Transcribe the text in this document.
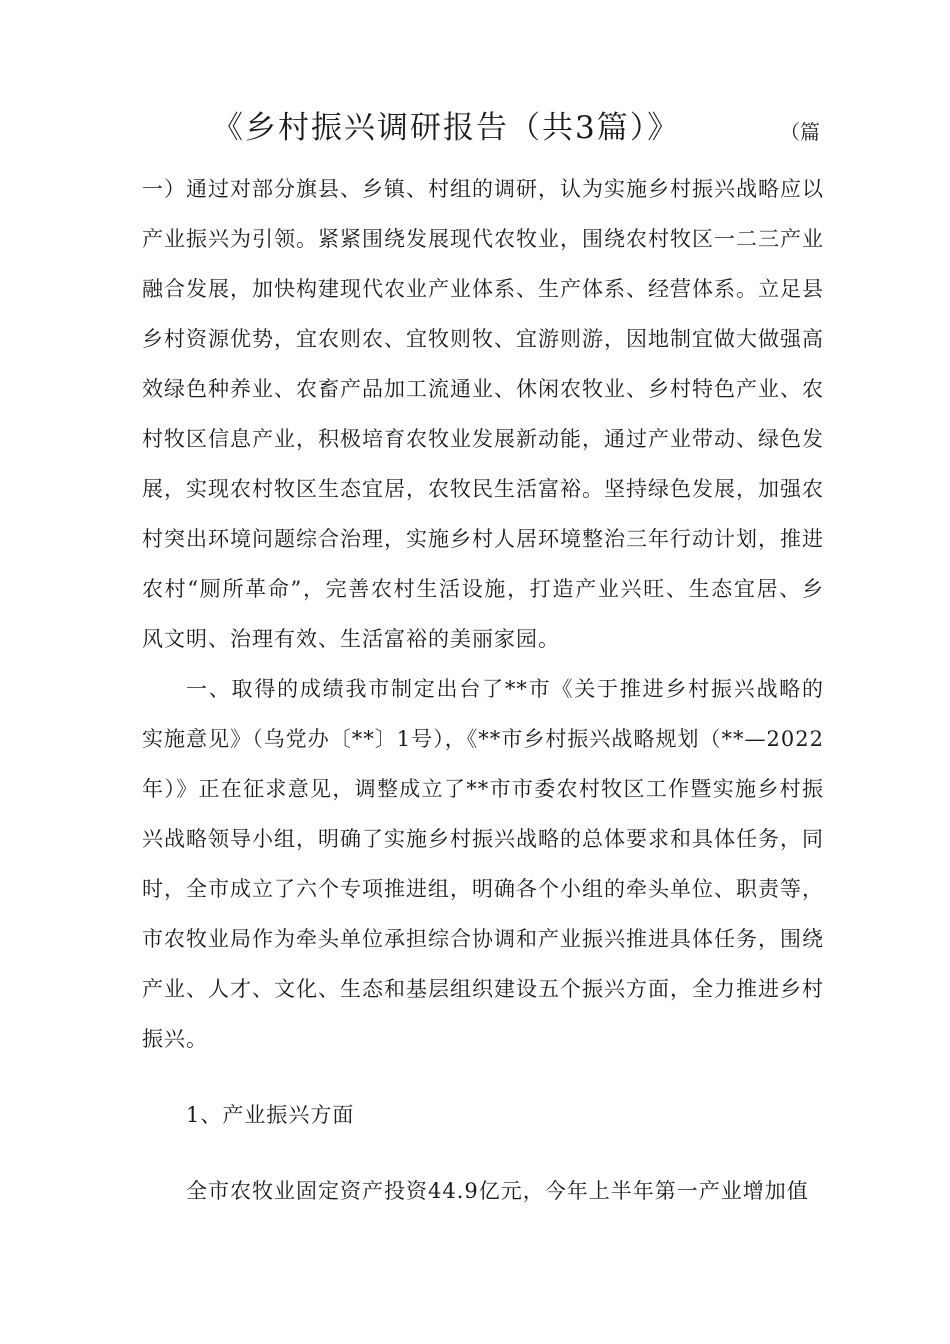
《乡村振兴调研报告（共3篇）》	（篇

一）通过对部分旗县、乡镇、村组的调研，认为实施乡村振兴战略应以产业振兴为引领。紧紧围绕发展现代农牧业，围绕农村牧区一二三产业融合发展，加快构建现代农业产业体系、生产体系、经营体系。立足县乡村资源优势，宜农则农、宜牧则牧、宜游则游，因地制宜做大做强高效绿色种养业、农畜产品加工流通业、休闲农牧业、乡村特色产业、农村牧区信息产业，积极培育农牧业发展新动能，通过产业带动、绿色发展，实现农村牧区生态宜居，农牧民生活富裕。坚持绿色发展，加强农村突出环境问题综合治理，实施乡村人居环境整治三年行动计划，推进农村“厕所革命”，完善农村生活设施，打造产业兴旺、生态宜居、乡风文明、治理有效、生活富裕的美丽家园。

一、取得的成绩我市制定出台了**市《关于推进乡村振兴战略的实施意见》（乌党办〔**〕1号），《**市乡村振兴战略规划（**—2022年）》正在征求意见，调整成立了**市市委农村牧区工作暨实施乡村振兴战略领导小组，明确了实施乡村振兴战略的总体要求和具体任务，同时，全市成立了六个专项推进组，明确各个小组的牵头单位、职责等，市农牧业局作为牵头单位承担综合协调和产业振兴推进具体任务，围绕产业、人才、文化、生态和基层组织建设五个振兴方面，全力推进乡村振兴。

1、产业振兴方面

全市农牧业固定资产投资44.9亿元，今年上半年第一产业增加值
